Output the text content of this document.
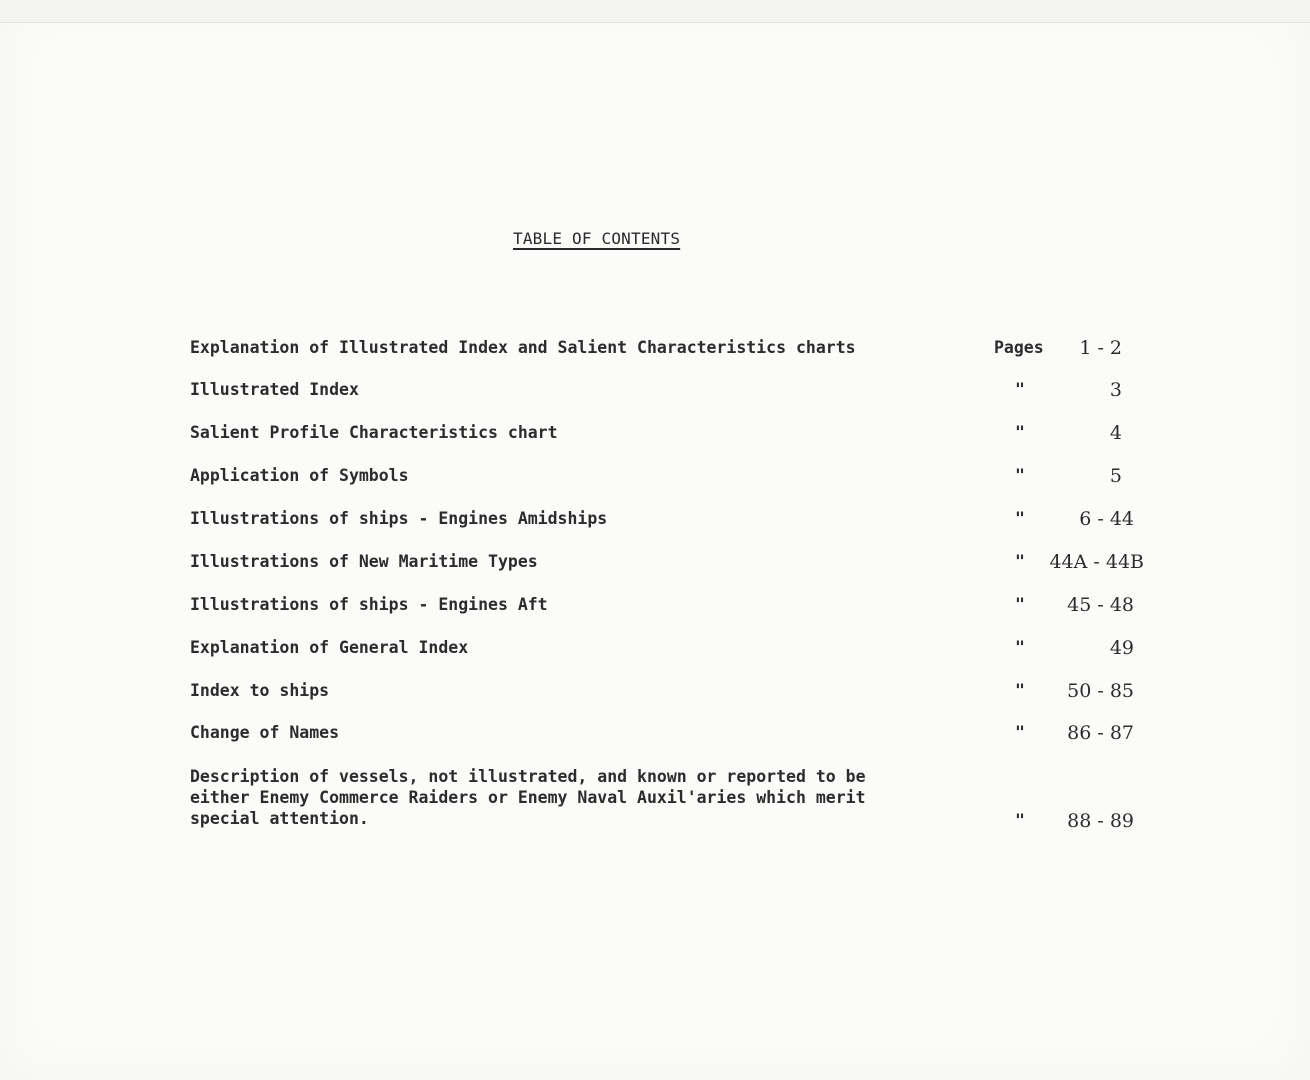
TABLE OF CONTENTS
Explanation of Illustrated Index and Salient Characteristics charts	Pages	1 - 2
Illustrated Index	"	3
Salient Profile Characteristics chart	"	4
Application of Symbols	"	5
Illustrations of ships - Engines Amidships	"	6 - 44
Illustrations of New Maritime Types	"	44A - 44B
Illustrations of ships - Engines Aft	"	45 - 48
Explanation of General Index	"	49
Index to ships	"	50 - 85
Change of Names	"	86 - 87
Description of vessels, not illustrated, and known or reported to be
either Enemy Commerce Raiders or Enemy Naval Auxil'aries which merit
special attention.	"	88 - 89
